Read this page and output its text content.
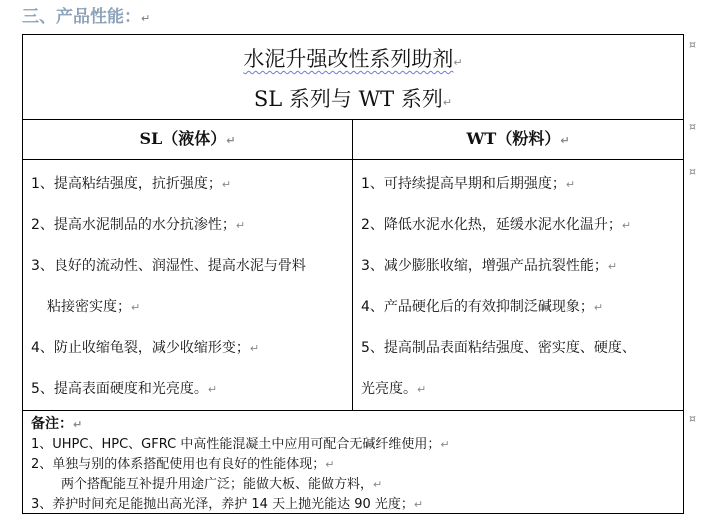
三、产品性能：↵
水泥升强改性系列助剂↵
SL 系列与 WT 系列↵
SL（液体）↵	WT（粉料）↵
1、提高粘结强度，抗折强度；↵
2、提高水泥制品的水分抗渗性；↵
3、良好的流动性、润湿性、提高水泥与骨料
粘接密实度；↵
4、防止收缩龟裂，减少收缩形变；↵
5、提高表面硬度和光亮度。↵
1、可持续提高早期和后期强度；↵
2、降低水泥水化热，延缓水泥水化温升；↵
3、减少膨胀收缩，增强产品抗裂性能；↵
4、产品硬化后的有效抑制泛碱现象；↵
5、提高制品表面粘结强度、密实度、硬度、
光亮度。↵
备注：↵
1、UHPC、HPC、GFRC 中高性能混凝土中应用可配合无碱纤维使用；↵
2、单独与别的体系搭配使用也有良好的性能体现；↵
两个搭配能互补提升用途广泛；能做大板、能做方料，↵
3、养护时间充足能抛出高光泽，养护 14 天上抛光能达 90 光度；↵
¤
¤
¤
¤
